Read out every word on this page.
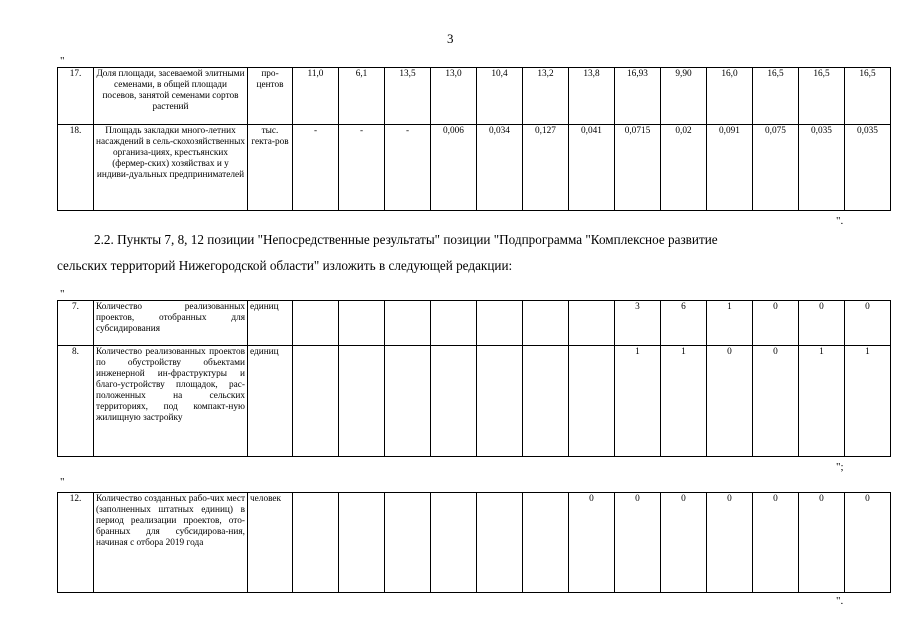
3
"
17.	Доля площади, засеваемой элитными семенами, в общей площади посевов, занятой семенами сортов растений	про-центов	11,0	6,1	13,5	13,0	10,4	13,2	13,8	16,93	9,90	16,0	16,5	16,5	16,5
18.	Площадь закладки много-летних насаждений в сель-скохозяйственных организа-циях, крестьянских (фермер-ских) хозяйствах и у индиви-дуальных предпринимателей	тыс. гекта-ров	-	-	-	0,006	0,034	0,127	0,041	0,0715	0,02	0,091	0,075	0,035	0,035
".
2.2. Пункты 7, 8, 12 позиции "Непосредственные результаты" позиции "Подпрограмма "Комплексное развитие
сельских территорий Нижегородской области" изложить в следующей редакции:
"
7.	Количество реализованных проектов, отобранных для субсидирования	единиц								3	6	1	0	0	0
8.	Количество реализованных проектов по обустройству объектами инженерной ин-фраструктуры и благо-устройству площадок, рас-положенных на сельских территориях, под компакт-ную жилищную застройку	единиц								1	1	0	0	1	1
";
"
12.	Количество созданных рабо-чих мест (заполненных штатных единиц) в период реализации проектов, ото-бранных для субсидирова-ния, начиная с отбора 2019 года	человек							0	0	0	0	0	0	0
".
